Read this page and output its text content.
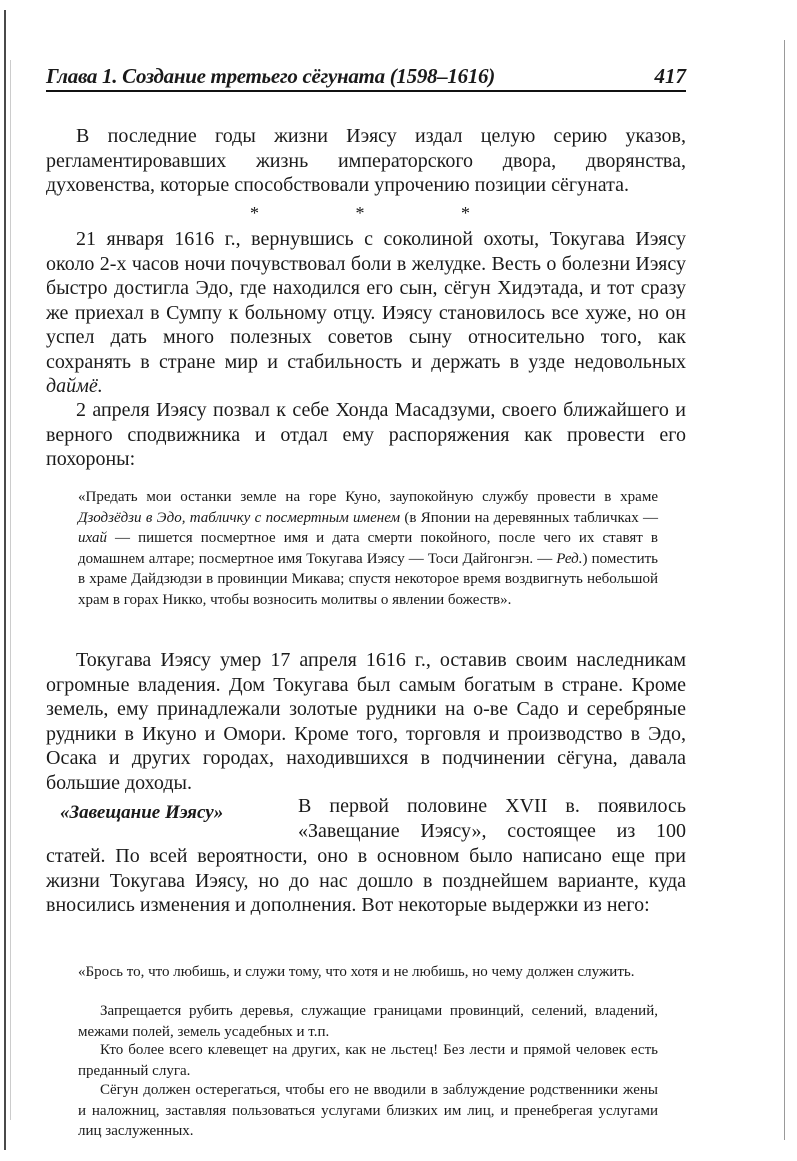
Глава 1. Создание третьего сёгуната (1598–1616)	417
В последние годы жизни Иэясу издал целую серию указов, регламентировавших жизнь императорского двора, дворянства, духовенства, которые способствовали упрочению позиции сёгуната.
*	*	*
21 января 1616 г., вернувшись с соколиной охоты, Токугава Иэясу около 2-х часов ночи почувствовал боли в желудке. Весть о болезни Иэясу быстро достигла Эдо, где находился его сын, сёгун Хидэтада, и тот сразу же приехал в Сумпу к больному отцу. Иэясу становилось все хуже, но он успел дать много полезных советов сыну относительно того, как сохранять в стране мир и стабильность и держать в узде недовольных даймё.
2 апреля Иэясу позвал к себе Хонда Масадзуми, своего ближайшего и верного сподвижника и отдал ему распоряжения как провести его похороны:
«Предать мои останки земле на горе Куно, заупокойную службу провести в храме Дзодзёдзи в Эдо, табличку с посмертным именем (в Японии на деревянных табличках — ихай — пишется посмертное имя и дата смерти покойного, после чего их ставят в домашнем алтаре; посмертное имя Токугава Иэясу — Тоси Дайгонгэн. — Ред.) поместить в храме Дайдзюдзи в провинции Микава; спустя некоторое время воздвигнуть небольшой храм в горах Никко, чтобы возносить молитвы о явлении божеств».
Токугава Иэясу умер 17 апреля 1616 г., оставив своим наследникам огромные владения. Дом Токугава был самым богатым в стране. Кроме земель, ему принадлежали золотые рудники на о-ве Садо и серебряные рудники в Икуно и Омори. Кроме того, торговля и производство в Эдо, Осака и других городах, находившихся в подчинении сёгуна, давала большие доходы.
«Завещание Иэясу»	В первой половине XVII в. появилось «Завещание Иэясу», состоящее из 100
статей. По всей вероятности, оно в основном было написано еще при жизни Токугава Иэясу, но до нас дошло в позднейшем варианте, куда вносились изменения и дополнения. Вот некоторые выдержки из него:
«Брось то, что любишь, и служи тому, что хотя и не любишь, но чему должен служить.
Запрещается рубить деревья, служащие границами провинций, селений, владений, межами полей, земель усадебных и т.п.
Кто более всего клевещет на других, как не льстец! Без лести и прямой человек есть преданный слуга.
Сёгун должен остерегаться, чтобы его не вводили в заблуждение родственники жены и наложниц, заставляя пользоваться услугами близких им лиц, и пренебрегая услугами лиц заслуженных.
